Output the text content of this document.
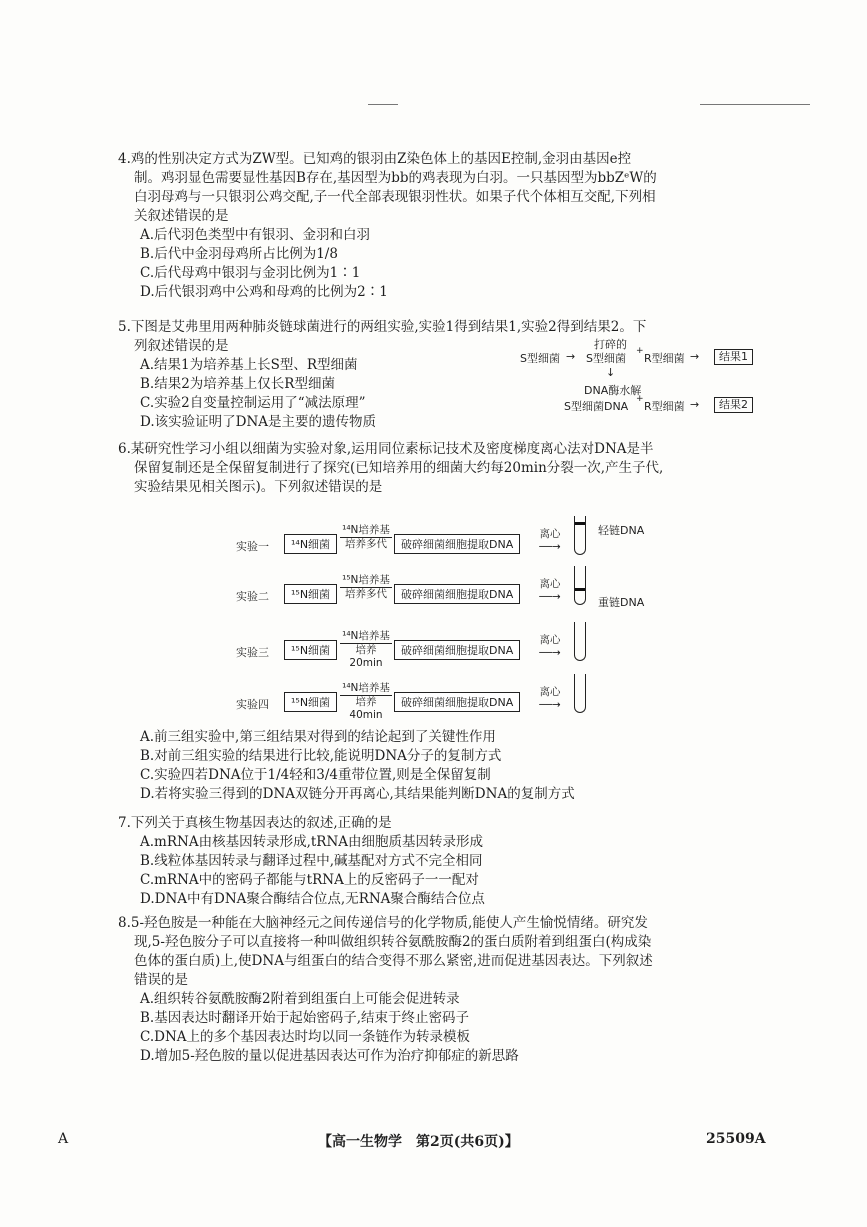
4.鸡的性别决定方式为ZW型。已知鸡的银羽由Z染色体上的基因E控制,金羽由基因e控

制。鸡羽显色需要显性基因B存在,基因型为bb的鸡表现为白羽。一只基因型为bbZᵉW的

白羽母鸡与一只银羽公鸡交配,子一代全部表现银羽性状。如果子代个体相互交配,下列相

关叙述错误的是

A.后代羽色类型中有银羽、金羽和白羽

B.后代中金羽母鸡所占比例为1/8

C.后代母鸡中银羽与金羽比例为1∶1

D.后代银羽鸡中公鸡和母鸡的比例为2∶1

5.下图是艾弗里用两种肺炎链球菌进行的两组实验,实验1得到结果1,实验2得到结果2。下

列叙述错误的是

A.结果1为培养基上长S型、R型细菌

B.结果2为培养基上仅长R型细菌

C.实验2自变量控制运用了“减法原理”

D.该实验证明了DNA是主要的遗传物质

S型细菌 →
打碎的
S型细菌
+
R型细菌 →	结果1
↓
DNA酶水解
S型细菌DNA
+
R型细菌 →	结果2

6.某研究性学习小组以细菌为实验对象,运用同位素标记技术及密度梯度离心法对DNA是半

保留复制还是全保留复制进行了探究(已知培养用的细菌大约每20min分裂一次,产生子代,

实验结果见相关图示)。下列叙述错误的是

实验一	¹⁴N细菌
¹⁴N培养基
培养多代	破碎细菌细胞提取DNA
离心
──→
轻链DNA
实验二	¹⁵N细菌
¹⁵N培养基
培养多代	破碎细菌细胞提取DNA
离心
──→	重链DNA
实验三	¹⁵N细菌
¹⁴N培养基
培养20min
破碎细菌细胞提取DNA
离心
──→
实验四	¹⁵N细菌
¹⁴N培养基
培养40min
破碎细菌细胞提取DNA
离心
──→

A.前三组实验中,第三组结果对得到的结论起到了关键性作用

B.对前三组实验的结果进行比较,能说明DNA分子的复制方式

C.实验四若DNA位于1/4轻和3/4重带位置,则是全保留复制

D.若将实验三得到的DNA双链分开再离心,其结果能判断DNA的复制方式

7.下列关于真核生物基因表达的叙述,正确的是

A.mRNA由核基因转录形成,tRNA由细胞质基因转录形成

B.线粒体基因转录与翻译过程中,碱基配对方式不完全相同

C.mRNA中的密码子都能与tRNA上的反密码子一一配对

D.DNA中有DNA聚合酶结合位点,无RNA聚合酶结合位点

8.5-羟色胺是一种能在大脑神经元之间传递信号的化学物质,能使人产生愉悦情绪。研究发

现,5-羟色胺分子可以直接将一种叫做组织转谷氨酰胺酶2的蛋白质附着到组蛋白(构成染

色体的蛋白质)上,使DNA与组蛋白的结合变得不那么紧密,进而促进基因表达。下列叙述

错误的是

A.组织转谷氨酰胺酶2附着到组蛋白上可能会促进转录

B.基因表达时翻译开始于起始密码子,结束于终止密码子

C.DNA上的多个基因表达时均以同一条链作为转录模板

D.增加5-羟色胺的量以促进基因表达可作为治疗抑郁症的新思路

A	【高一生物学　第2页(共6页)】	25509A
